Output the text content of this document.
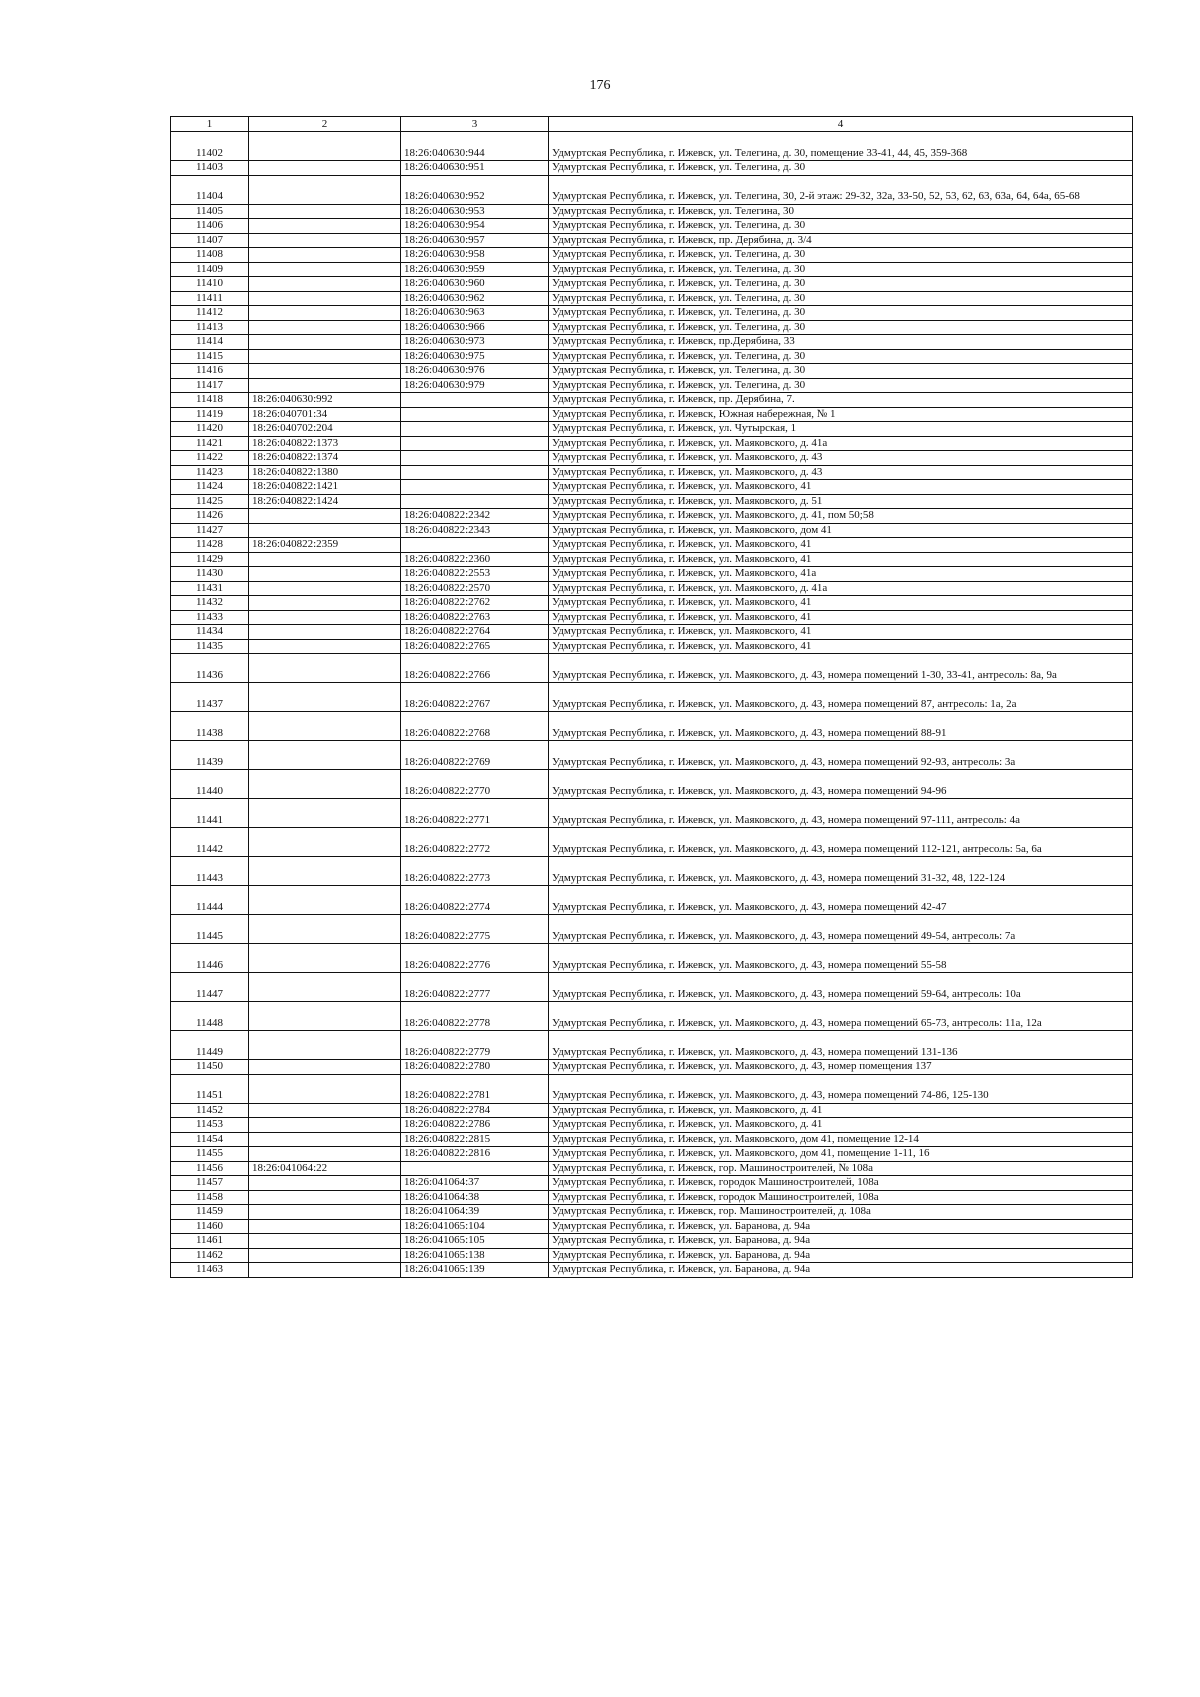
176
1	2	3	4
11402		18:26:040630:944	Удмуртская Республика, г. Ижевск, ул. Телегина, д. 30, помещение 33-41, 44, 45, 359-368
11403		18:26:040630:951	Удмуртская Республика, г. Ижевск, ул. Телегина, д. 30
11404		18:26:040630:952	Удмуртская Республика, г. Ижевск, ул. Телегина, 30, 2-й этаж: 29-32, 32а, 33-50, 52, 53, 62, 63, 63а, 64, 64а, 65-68
11405		18:26:040630:953	Удмуртская Республика, г. Ижевск, ул. Телегина, 30
11406		18:26:040630:954	Удмуртская Республика, г. Ижевск, ул. Телегина, д. 30
11407		18:26:040630:957	Удмуртская Республика, г. Ижевск, пр. Дерябина, д. 3/4
11408		18:26:040630:958	Удмуртская Республика, г. Ижевск, ул. Телегина, д. 30
11409		18:26:040630:959	Удмуртская Республика, г. Ижевск, ул. Телегина, д. 30
11410		18:26:040630:960	Удмуртская Республика, г. Ижевск, ул. Телегина, д. 30
11411		18:26:040630:962	Удмуртская Республика, г. Ижевск, ул. Телегина, д. 30
11412		18:26:040630:963	Удмуртская Республика, г. Ижевск, ул. Телегина, д. 30
11413		18:26:040630:966	Удмуртская Республика, г. Ижевск, ул. Телегина, д. 30
11414		18:26:040630:973	Удмуртская Республика, г. Ижевск, пр.Дерябина, 33
11415		18:26:040630:975	Удмуртская Республика, г. Ижевск, ул. Телегина, д. 30
11416		18:26:040630:976	Удмуртская Республика, г. Ижевск, ул. Телегина, д. 30
11417		18:26:040630:979	Удмуртская Республика, г. Ижевск, ул. Телегина, д. 30
11418	18:26:040630:992		Удмуртская Республика, г. Ижевск, пр. Дерябина, 7.
11419	18:26:040701:34		Удмуртская Республика, г. Ижевск, Южная набережная, № 1
11420	18:26:040702:204		Удмуртская Республика, г. Ижевск, ул. Чутырская, 1
11421	18:26:040822:1373		Удмуртская Республика, г. Ижевск, ул. Маяковского, д. 41а
11422	18:26:040822:1374		Удмуртская Республика, г. Ижевск, ул. Маяковского, д. 43
11423	18:26:040822:1380		Удмуртская Республика, г. Ижевск, ул. Маяковского, д. 43
11424	18:26:040822:1421		Удмуртская Республика, г. Ижевск, ул. Маяковского, 41
11425	18:26:040822:1424		Удмуртская Республика, г. Ижевск, ул. Маяковского, д. 51
11426		18:26:040822:2342	Удмуртская Республика, г. Ижевск, ул. Маяковского, д. 41, пом 50;58
11427		18:26:040822:2343	Удмуртская Республика, г. Ижевск, ул. Маяковского, дом 41
11428	18:26:040822:2359		Удмуртская Республика, г. Ижевск, ул. Маяковского, 41
11429		18:26:040822:2360	Удмуртская Республика, г. Ижевск, ул. Маяковского, 41
11430		18:26:040822:2553	Удмуртская Республика, г. Ижевск, ул. Маяковского, 41а
11431		18:26:040822:2570	Удмуртская Республика, г. Ижевск, ул. Маяковского, д. 41а
11432		18:26:040822:2762	Удмуртская Республика, г. Ижевск, ул. Маяковского, 41
11433		18:26:040822:2763	Удмуртская Республика, г. Ижевск, ул. Маяковского, 41
11434		18:26:040822:2764	Удмуртская Республика, г. Ижевск, ул. Маяковского, 41
11435		18:26:040822:2765	Удмуртская Республика, г. Ижевск, ул. Маяковского, 41
11436		18:26:040822:2766	Удмуртская Республика, г. Ижевск, ул. Маяковского, д. 43, номера помещений 1-30, 33-41, антресоль: 8а, 9а
11437		18:26:040822:2767	Удмуртская Республика, г. Ижевск, ул. Маяковского, д. 43, номера помещений 87, антресоль: 1а, 2а
11438		18:26:040822:2768	Удмуртская Республика, г. Ижевск, ул. Маяковского, д. 43, номера помещений 88-91
11439		18:26:040822:2769	Удмуртская Республика, г. Ижевск, ул. Маяковского, д. 43, номера помещений 92-93, антресоль: 3а
11440		18:26:040822:2770	Удмуртская Республика, г. Ижевск, ул. Маяковского, д. 43, номера помещений 94-96
11441		18:26:040822:2771	Удмуртская Республика, г. Ижевск, ул. Маяковского, д. 43, номера помещений 97-111, антресоль: 4а
11442		18:26:040822:2772	Удмуртская Республика, г. Ижевск, ул. Маяковского, д. 43, номера помещений 112-121, антресоль: 5а, 6а
11443		18:26:040822:2773	Удмуртская Республика, г. Ижевск, ул. Маяковского, д. 43, номера помещений 31-32, 48, 122-124
11444		18:26:040822:2774	Удмуртская Республика, г. Ижевск, ул. Маяковского, д. 43, номера помещений 42-47
11445		18:26:040822:2775	Удмуртская Республика, г. Ижевск, ул. Маяковского, д. 43, номера помещений 49-54, антресоль: 7а
11446		18:26:040822:2776	Удмуртская Республика, г. Ижевск, ул. Маяковского, д. 43, номера помещений 55-58
11447		18:26:040822:2777	Удмуртская Республика, г. Ижевск, ул. Маяковского, д. 43, номера помещений 59-64, антресоль: 10а
11448		18:26:040822:2778	Удмуртская Республика, г. Ижевск, ул. Маяковского, д. 43, номера помещений 65-73, антресоль: 11а, 12а
11449		18:26:040822:2779	Удмуртская Республика, г. Ижевск, ул. Маяковского, д. 43, номера помещений 131-136
11450		18:26:040822:2780	Удмуртская Республика, г. Ижевск, ул. Маяковского, д. 43, номер помещения 137
11451		18:26:040822:2781	Удмуртская Республика, г. Ижевск, ул. Маяковского, д. 43, номера помещений 74-86, 125-130
11452		18:26:040822:2784	Удмуртская Республика, г. Ижевск, ул. Маяковского, д. 41
11453		18:26:040822:2786	Удмуртская Республика, г. Ижевск, ул. Маяковского, д. 41
11454		18:26:040822:2815	Удмуртская Республика, г. Ижевск, ул. Маяковского, дом 41, помещение 12-14
11455		18:26:040822:2816	Удмуртская Республика, г. Ижевск, ул. Маяковского, дом 41, помещение 1-11, 16
11456	18:26:041064:22		Удмуртская Республика, г. Ижевск, гор. Машиностроителей, № 108а
11457		18:26:041064:37	Удмуртская Республика, г. Ижевск, городок Машиностроителей, 108а
11458		18:26:041064:38	Удмуртская Республика, г. Ижевск, городок Машиностроителей, 108а
11459		18:26:041064:39	Удмуртская Республика, г. Ижевск, гор. Машиностроителей, д. 108а
11460		18:26:041065:104	Удмуртская Республика, г. Ижевск, ул. Баранова, д. 94а
11461		18:26:041065:105	Удмуртская Республика, г. Ижевск, ул. Баранова, д. 94а
11462		18:26:041065:138	Удмуртская Республика, г. Ижевск, ул. Баранова, д. 94а
11463		18:26:041065:139	Удмуртская Республика, г. Ижевск, ул. Баранова, д. 94а
